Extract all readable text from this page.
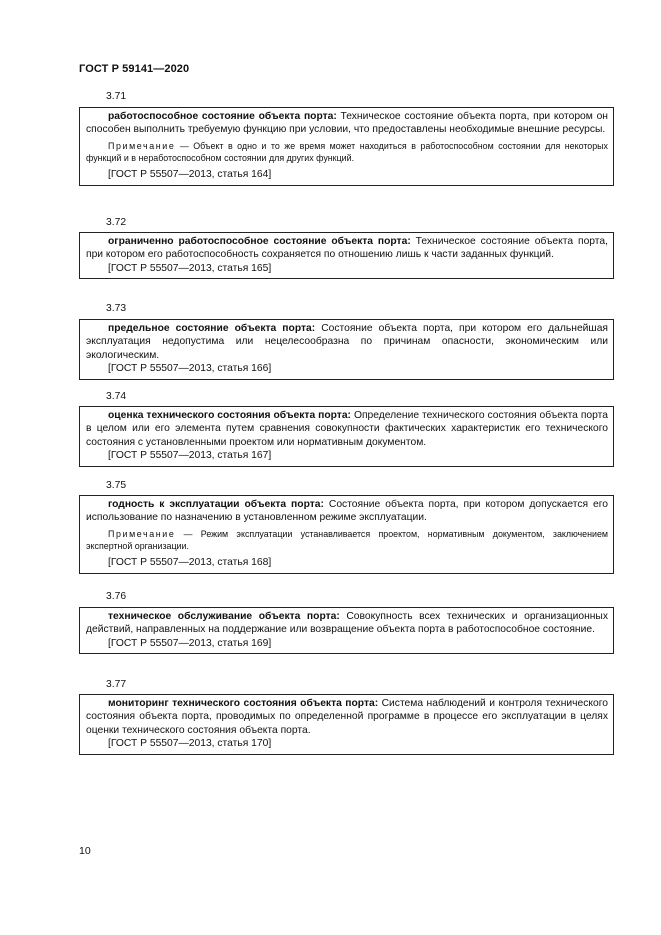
ГОСТ Р 59141—2020
3.71

работоспособное состояние объекта порта: Техническое состояние объекта порта, при котором он способен выполнить требуемую функцию при условии, что предоставлены необходимые внешние ресурсы.

Примечание — Объект в одно и то же время может находиться в работоспособном состоянии для некоторых функций и в неработоспособном состоянии для других функций.

[ГОСТ Р 55507—2013, статья 164]

3.72

ограниченно работоспособное состояние объекта порта: Техническое состояние объекта порта, при котором его работоспособность сохраняется по отношению лишь к части заданных функций.

[ГОСТ Р 55507—2013, статья 165]

3.73

предельное состояние объекта порта: Состояние объекта порта, при котором его дальнейшая эксплуатация недопустима или нецелесообразна по причинам опасности, экономическим или экологическим.

[ГОСТ Р 55507—2013, статья 166]

3.74

оценка технического состояния объекта порта: Определение технического состояния объекта порта в целом или его элемента путем сравнения совокупности фактических характеристик его технического состояния с установленными проектом или нормативным документом.

[ГОСТ Р 55507—2013, статья 167]

3.75

годность к эксплуатации объекта порта: Состояние объекта порта, при котором допускается его использование по назначению в установленном режиме эксплуатации.

Примечание — Режим эксплуатации устанавливается проектом, нормативным документом, заключением экспертной организации.

[ГОСТ Р 55507—2013, статья 168]

3.76

техническое обслуживание объекта порта: Совокупность всех технических и организационных действий, направленных на поддержание или возвращение объекта порта в работоспособное состояние.

[ГОСТ Р 55507—2013, статья 169]

3.77

мониторинг технического состояния объекта порта: Система наблюдений и контроля технического состояния объекта порта, проводимых по определенной программе в процессе его эксплуатации в целях оценки технического состояния объекта порта.

[ГОСТ Р 55507—2013, статья 170]

10
